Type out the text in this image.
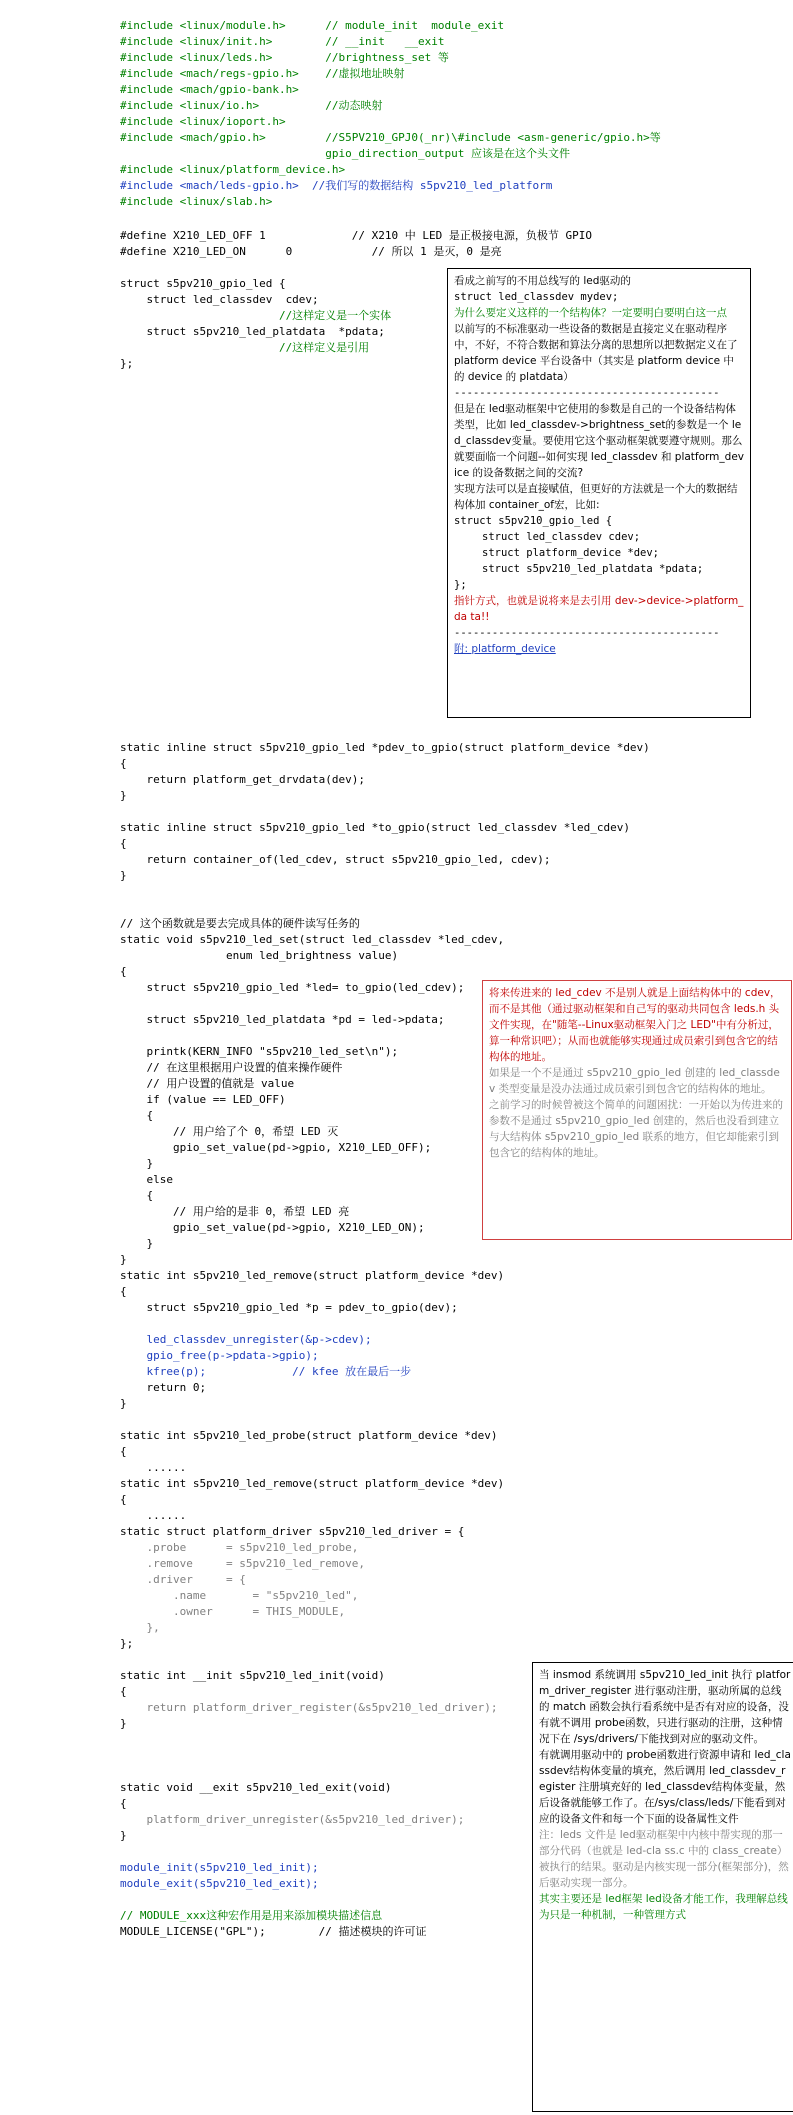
#include <linux/module.h>      // module_init  module_exit
#include <linux/init.h>        // __init   __exit
#include <linux/leds.h>        //brightness_set 等
#include <mach/regs-gpio.h>    //虚拟地址映射
#include <mach/gpio-bank.h>
#include <linux/io.h>          //动态映射
#include <linux/ioport.h>
#include <mach/gpio.h>         //S5PV210_GPJ0(_nr)\#include <asm-generic/gpio.h>等
gpio_direction_output 应该是在这个头文件
#include <linux/platform_device.h>
#include <mach/leds-gpio.h>  //我们写的数据结构 s5pv210_led_platform
#include <linux/slab.h>
#define X210_LED_OFF 1             // X210 中 LED 是正极接电源，负极节 GPIO
#define X210_LED_ON      0            // 所以 1 是灭，0 是亮
struct s5pv210_gpio_led {
struct led_classdev  cdev;
//这样定义是一个实体
struct s5pv210_led_platdata  *pdata;
//这样定义是引用
};
static inline struct s5pv210_gpio_led *pdev_to_gpio(struct platform_device *dev)
{
return platform_get_drvdata(dev);
}
static inline struct s5pv210_gpio_led *to_gpio(struct led_classdev *led_cdev)
{
return container_of(led_cdev, struct s5pv210_gpio_led, cdev);
}
// 这个函数就是要去完成具体的硬件读写任务的
static void s5pv210_led_set(struct led_classdev *led_cdev,
enum led_brightness value)
{
struct s5pv210_gpio_led *led= to_gpio(led_cdev);
struct s5pv210_led_platdata *pd = led->pdata;
printk(KERN_INFO "s5pv210_led_set\n");
// 在这里根据用户设置的值来操作硬件
// 用户设置的值就是 value
if (value == LED_OFF)
{
// 用户给了个 0，希望 LED 灭
gpio_set_value(pd->gpio, X210_LED_OFF);
}
else
{
// 用户给的是非 0，希望 LED 亮
gpio_set_value(pd->gpio, X210_LED_ON);
}
}
static int s5pv210_led_remove(struct platform_device *dev)
{
struct s5pv210_gpio_led *p = pdev_to_gpio(dev);
led_classdev_unregister(&p->cdev);
gpio_free(p->pdata->gpio);
kfree(p);             // kfee 放在最后一步
return 0;
}
static int s5pv210_led_probe(struct platform_device *dev)
{
......
static int s5pv210_led_remove(struct platform_device *dev)
{
......
static struct platform_driver s5pv210_led_driver = {
.probe      = s5pv210_led_probe,
.remove     = s5pv210_led_remove,
.driver     = {
.name       = "s5pv210_led",
.owner      = THIS_MODULE,
},
};
static int __init s5pv210_led_init(void)
{
return platform_driver_register(&s5pv210_led_driver);
}
static void __exit s5pv210_led_exit(void)
{
platform_driver_unregister(&s5pv210_led_driver);
}
module_init(s5pv210_led_init);
module_exit(s5pv210_led_exit);
// MODULE_xxx这种宏作用是用来添加模块描述信息
MODULE_LICENSE("GPL");        // 描述模块的许可证
看成之前写的不用总线写的 led驱动的
struct led_classdev mydev;
为什么要定义这样的一个结构体？一定要明白要明白这一点
以前写的不标准驱动一些设备的数据是直接定义在驱动程序中，不好，不符合数据和算法分离的思想所以把数据定义在了 platform device 平台设备中（其实是 platform device 中的 device 的 platdata）
------------------------------------------
但是在 led驱动框架中它使用的参数是自己的一个设备结构体类型，比如 led_classdev->brightness_set的参数是一个 led_classdev变量。要使用它这个驱动框架就要遵守规则。那么就要面临一个问题--如何实现 led_classdev 和 platform_device 的设备数据之间的交流?
实现方法可以是直接赋值，但更好的方法就是一个大的数据结构体加 container_of宏，比如:
struct s5pv210_gpio_led {
struct led_classdev cdev;
struct platform_device *dev;
struct s5pv210_led_platdata *pdata;
};
指针方式，也就是说将来是去引用 dev->device->platform_da ta!!
------------------------------------------
附: platform_device
将来传进来的 led_cdev 不是别人就是上面结构体中的 cdev，而不是其他（通过驱动框架和自己写的驱动共同包含 leds.h 头文件实现，在"随笔--Linux驱动框架入门之 LED"中有分析过，算一种常识吧）；从而也就能够实现通过成员索引到包含它的结构体的地址。
如果是一个不是通过 s5pv210_gpio_led 创建的 led_classdev 类型变量是没办法通过成员索引到包含它的结构体的地址。
之前学习的时候曾被这个简单的问题困扰：一开始以为传进来的参数不是通过 s5pv210_gpio_led 创建的，然后也没看到建立与大结构体 s5pv210_gpio_led 联系的地方，但它却能索引到包含它的结构体的地址。
当 insmod 系统调用 s5pv210_led_init 执行 platform_driver_register 进行驱动注册，驱动所属的总线的 match 函数会执行看系统中是否有对应的设备，没有就不调用 probe函数，只进行驱动的注册，这种情况下在 /sys/drivers/下能找到对应的驱动文件。
有就调用驱动中的 probe函数进行资源申请和 led_classdev结构体变量的填充，然后调用 led_classdev_register 注册填充好的 led_classdev结构体变量，然后设备就能够工作了。在/sys/class/leds/下能看到对应的设备文件和每一个下面的设备属性文件
注：leds 文件是 led驱动框架中内核中帮实现的那一部分代码（也就是 led-cla ss.c 中的 class_create）被执行的结果。驱动是内核实现一部分(框架部分)，然后驱动实现一部分。
其实主要还是 led框架 led设备才能工作，我理解总线为只是一种机制，一种管理方式
